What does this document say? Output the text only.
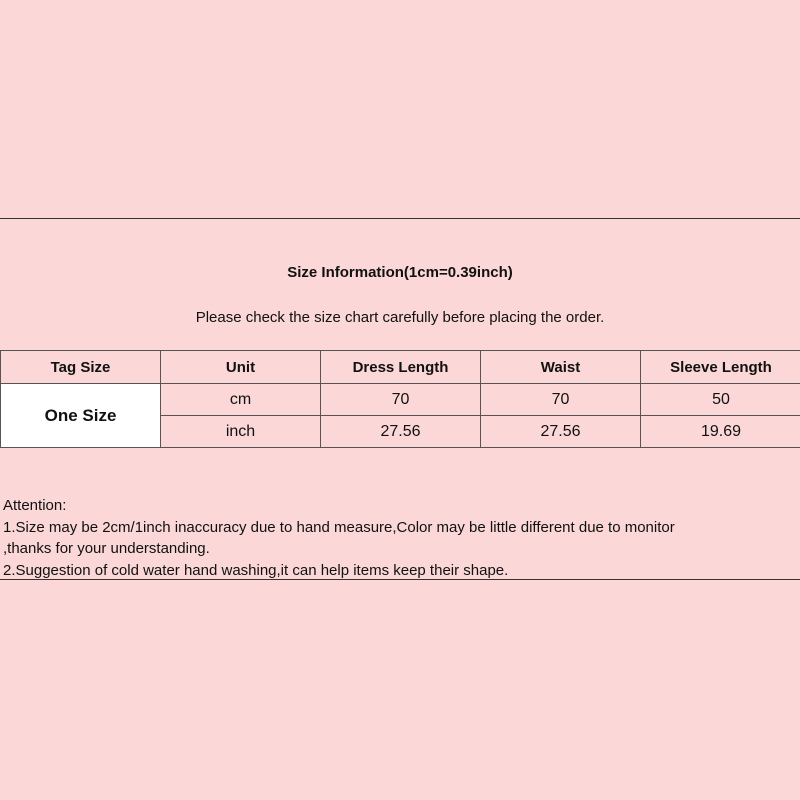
Size Information(1cm=0.39inch)
Please check the size chart carefully before placing the order.
Tag Size	Unit	Dress Length	Waist	Sleeve Length
One Size	cm	70	70	50
	inch	27.56	27.56	19.69
Attention:
1.Size may be 2cm/1inch inaccuracy due to hand measure,Color may be little different due to monitor
,thanks for your understanding.
2.Suggestion of cold water hand washing,it can help items keep their shape.
